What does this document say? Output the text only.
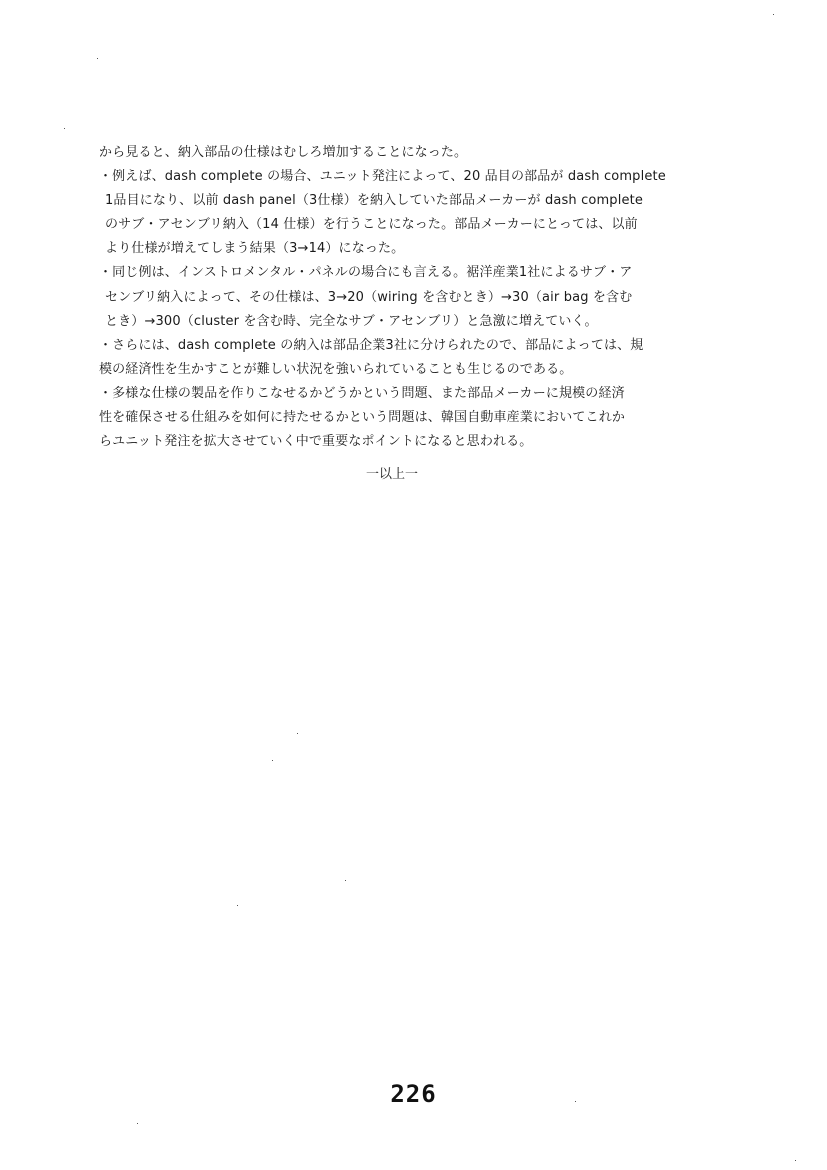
から見ると、納入部品の仕様はむしろ増加することになった。
・例えば、dash complete の場合、ユニット発注によって、20 品目の部品が dash complete
1品目になり、以前 dash panel（3仕様）を納入していた部品メーカーが dash complete
のサブ・アセンブリ納入（14 仕様）を行うことになった。部品メーカーにとっては、以前
より仕様が増えてしまう結果（3→14）になった。
・同じ例は、インストロメンタル・パネルの場合にも言える。裾洋産業1社によるサブ・ア
センブリ納入によって、その仕様は、3→20（wiring を含むとき）→30（air bag を含む
とき）→300（cluster を含む時、完全なサブ・アセンブリ）と急激に増えていく。
・さらには、dash complete の納入は部品企業3社に分けられたので、部品によっては、規
模の経済性を生かすことが難しい状況を強いられていることも生じるのである。
・多様な仕様の製品を作りこなせるかどうかという問題、また部品メーカーに規模の経済
性を確保させる仕組みを如何に持たせるかという問題は、韓国自動車産業においてこれか
らユニット発注を拡大させていく中で重要なポイントになると思われる。
一以上一
226
